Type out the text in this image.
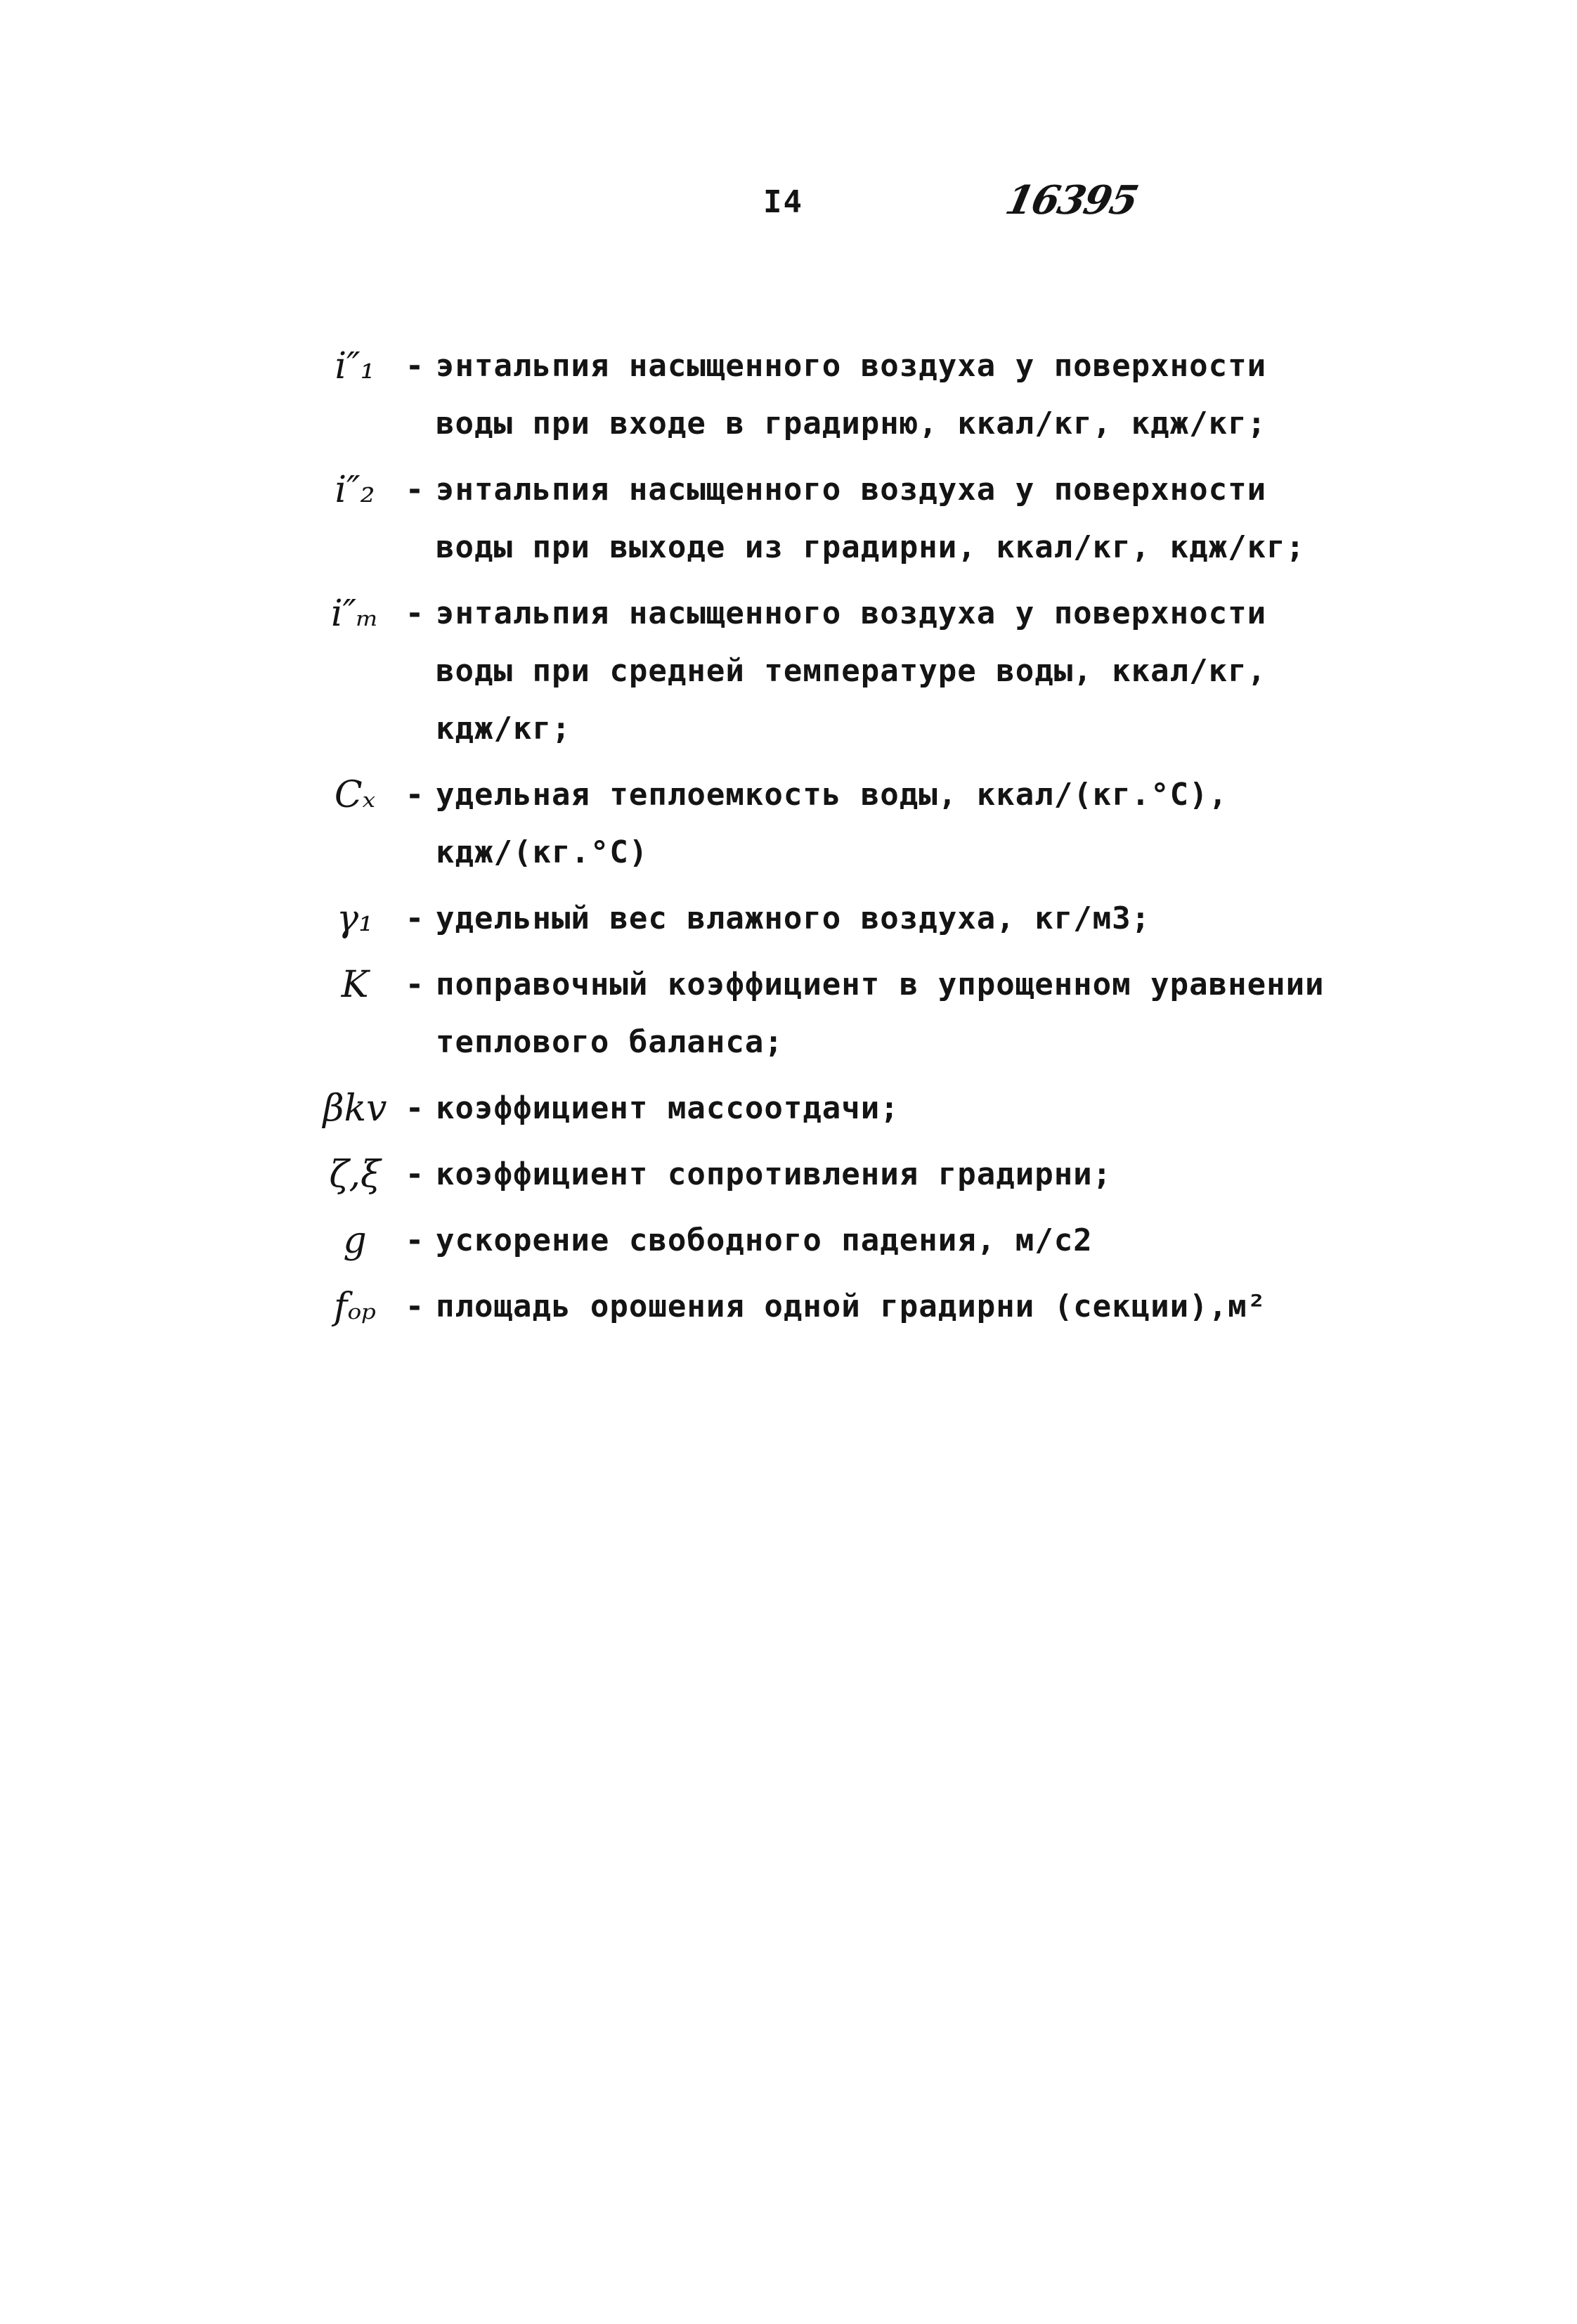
I4	16395
i″₁ - энтальпия насыщенного воздуха у поверхности
воды при входе в градирню, ккал/кг, кдж/кг;
i″₂ - энтальпия насыщенного воздуха у поверхности
воды при выходе из градирни, ккал/кг, кдж/кг;
i″ₘ - энтальпия насыщенного воздуха у поверхности
воды при средней температуре воды, ккал/кг,
кдж/кг;
Cₓ - удельная теплоемкость воды, ккал/(кг.°С),
кдж/(кг.°С)
γ₁	- удельный вес влажного воздуха, кг/м3;
K	- поправочный коэффициент в упрощенном уравнении
теплового баланса;
βkv - коэффициент массоотдачи;
ζ,ξ - коэффициент сопротивления градирни;
g	- ускорение свободного падения, м/с2
fₒₚ - площадь орошения одной градирни (секции),м²
